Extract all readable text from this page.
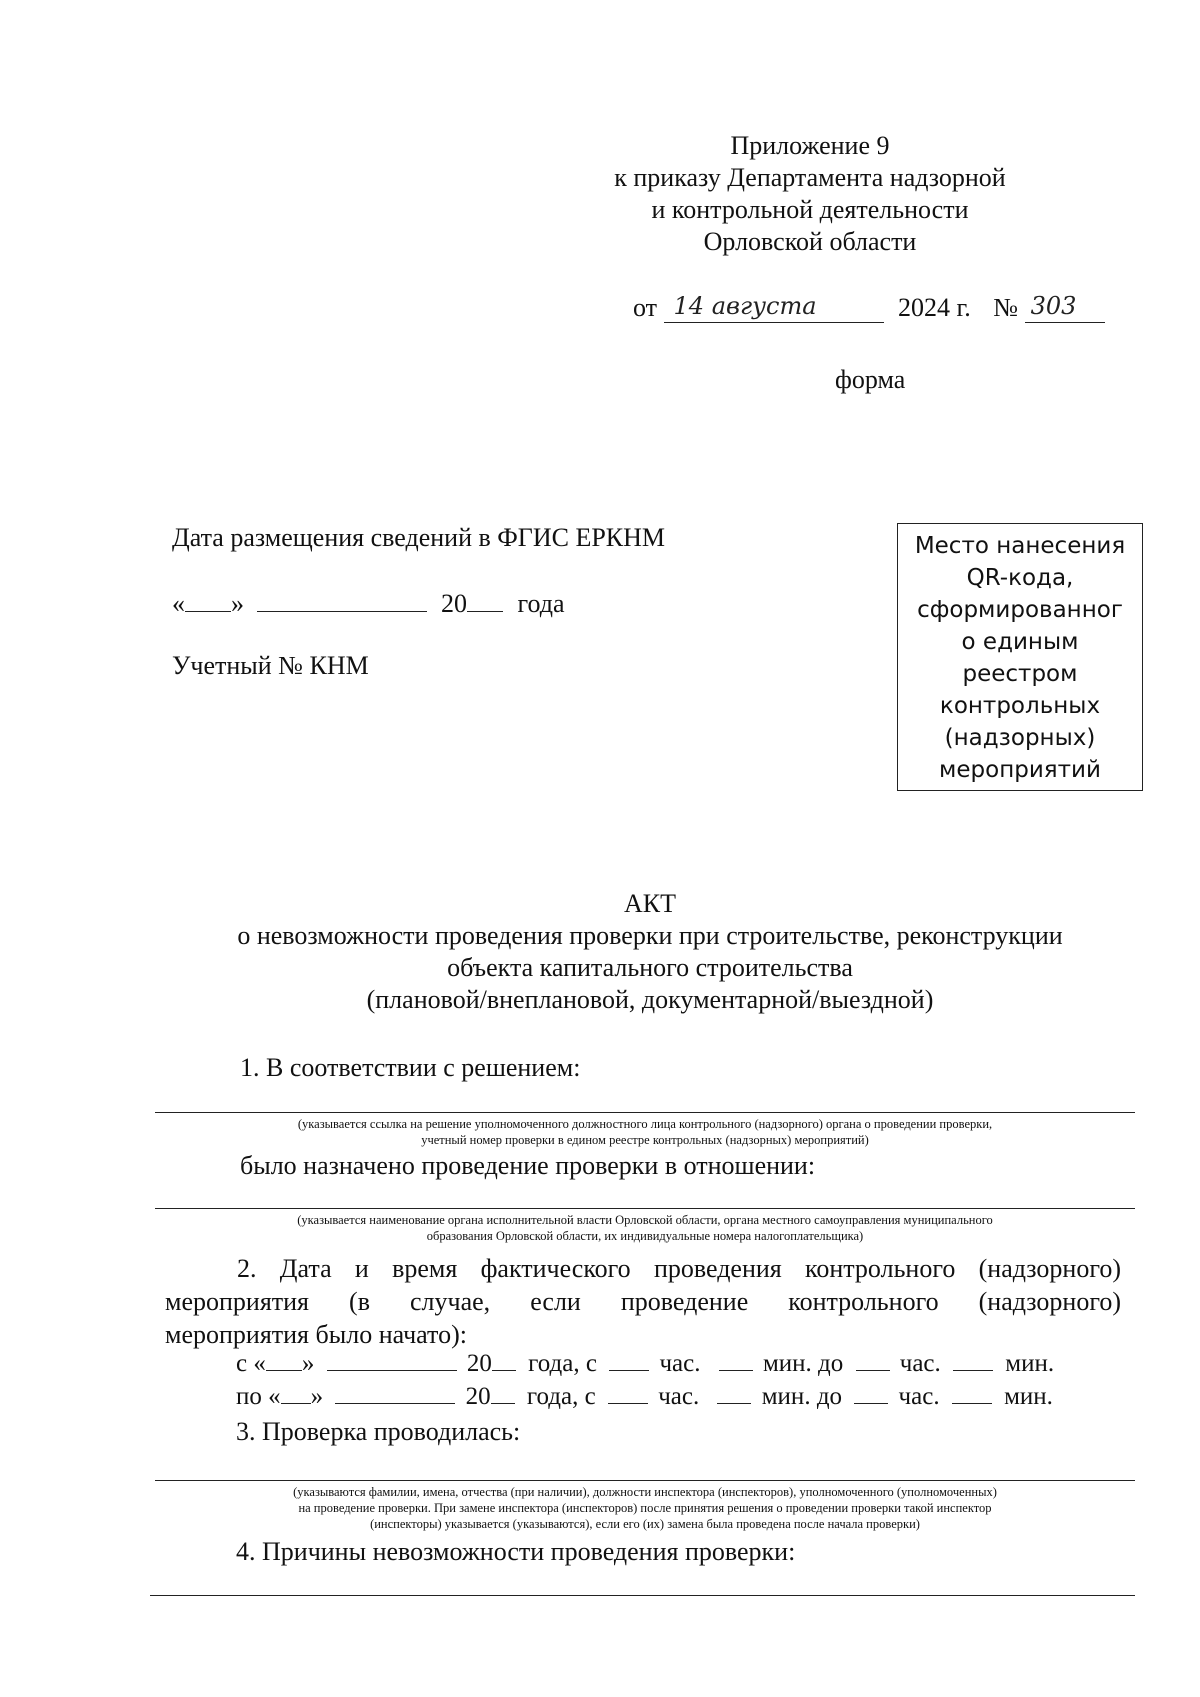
Приложение 9
к приказу Департамента надзорной
и контрольной деятельности
Орловской области
от 14 августа	2024 г. № 303
форма
Дата размещения сведений в ФГИС ЕРКНМ
« »	20 года
Учетный № КНМ
Место нанесения
QR-кода,
сформированног
о единым
реестром
контрольных
(надзорных)
мероприятий
АКТ
о невозможности проведения проверки при строительстве, реконструкции
объекта капитального строительства
(плановой/внеплановой, документарной/выездной)
1. В соответствии с решением:
(указывается ссылка на решение уполномоченного должностного лица контрольного (надзорного) органа о проведении проверки,
учетный номер проверки в едином реестре контрольных (надзорных) мероприятий)
было назначено проведение проверки в отношении:
(указывается наименование органа исполнительной власти Орловской области, органа местного самоуправления муниципального
образования Орловской области, их индивидуальные номера налогоплательщика)
2. Дата и время фактического проведения контрольного (надзорного)
мероприятия (в случае, если проведение контрольного (надзорного)
мероприятия было начато):
с « »	20 года, с	час.	мин. до час.	мин.
по « »	20 года, с	час.	мин. до час.	мин.
3. Проверка проводилась:
(указываются фамилии, имена, отчества (при наличии), должности инспектора (инспекторов), уполномоченного (уполномоченных)
на проведение проверки. При замене инспектора (инспекторов) после принятия решения о проведении проверки такой инспектор
(инспекторы) указывается (указываются), если его (их) замена была проведена после начала проверки)
4. Причины невозможности проведения проверки:
